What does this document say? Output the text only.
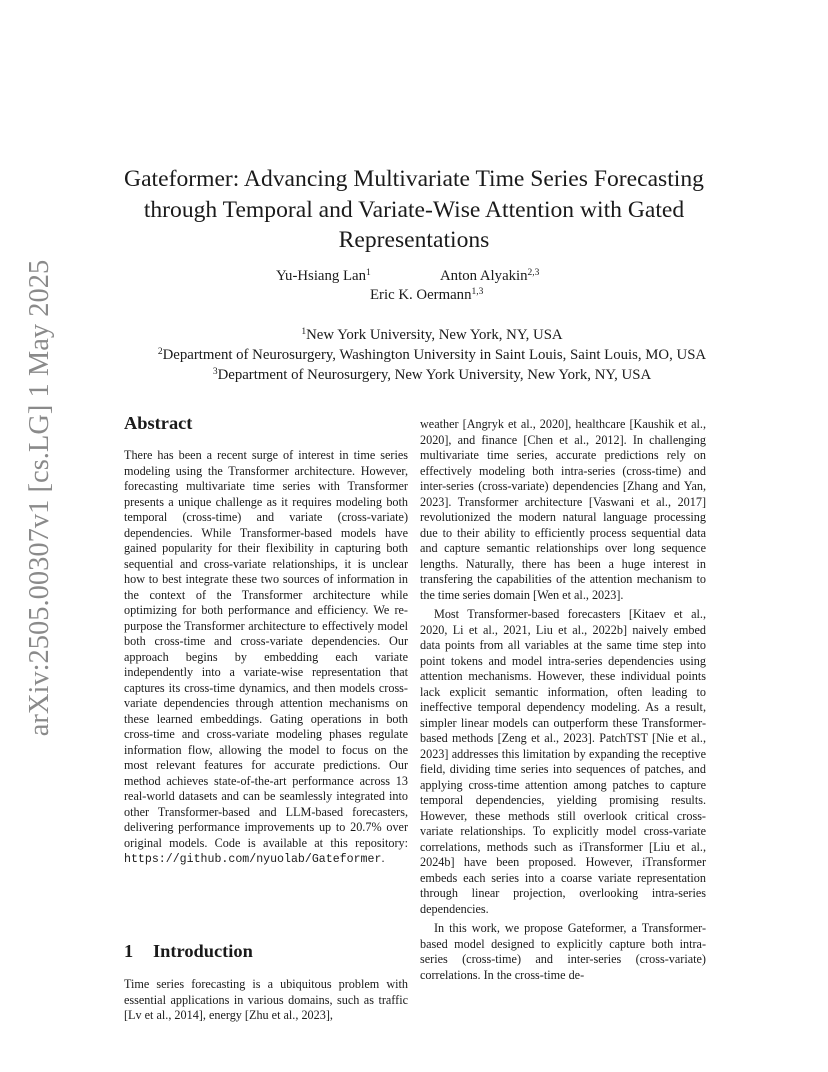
arXiv:2505.00307v1 [cs.LG] 1 May 2025
Gateformer: Advancing Multivariate Time Series Forecasting
through Temporal and Variate-Wise Attention with Gated
Representations
Yu-Hsiang Lan$^1$	Anton Alyakin$^{2,3}$
Eric K. Oermann$^{1,3}$
$^1$New York University, New York, NY, USA
$^2$Department of Neurosurgery, Washington University in Saint Louis, Saint Louis, MO, USA
$^3$Department of Neurosurgery, New York University, New York, NY, USA
Abstract

There has been a recent surge of interest in time series modeling using the Transformer architecture. However, forecasting multivariate time series with Transformer presents a unique challenge as it requires modeling both temporal (cross-time) and variate (cross-variate) dependencies. While Transformer-based models have gained popularity for their flexibility in capturing both sequential and cross-variate relationships, it is unclear how to best integrate these two sources of information in the context of the Transformer architecture while optimizing for both performance and efficiency. We re-purpose the Transformer architecture to effectively model both cross-time and cross-variate dependencies. Our approach begins by embedding each variate independently into a variate-wise representation that captures its cross-time dynamics, and then models cross-variate dependencies through attention mechanisms on these learned embeddings. Gating operations in both cross-time and cross-variate modeling phases regulate information flow, allowing the model to focus on the most relevant features for accurate predictions. Our method achieves state-of-the-art performance across 13 real-world datasets and can be seamlessly integrated into other Transformer-based and LLM-based forecasters, delivering performance improvements up to 20.7% over original models. Code is available at this repository: https://github.com/nyuolab/Gateformer.

1 Introduction

Time series forecasting is a ubiquitous problem with essential applications in various domains, such as traffic [Lv et al., 2014], energy [Zhu et al., 2023],

weather [Angryk et al., 2020], healthcare [Kaushik et al., 2020], and finance [Chen et al., 2012]. In challenging multivariate time series, accurate predictions rely on effectively modeling both intra-series (cross-time) and inter-series (cross-variate) dependencies [Zhang and Yan, 2023]. Transformer architecture [Vaswani et al., 2017] revolutionized the modern natural language processing due to their ability to efficiently process sequential data and capture semantic relationships over long sequence lengths. Naturally, there has been a huge interest in transfering the capabilities of the attention mechanism to the time series domain [Wen et al., 2023].

Most Transformer-based forecasters [Kitaev et al., 2020, Li et al., 2021, Liu et al., 2022b] naively embed data points from all variables at the same time step into point tokens and model intra-series dependencies using attention mechanisms. However, these individual points lack explicit semantic information, often leading to ineffective temporal dependency modeling. As a result, simpler linear models can outperform these Transformer-based methods [Zeng et al., 2023]. PatchTST [Nie et al., 2023] addresses this limitation by expanding the receptive field, dividing time series into sequences of patches, and applying cross-time attention among patches to capture temporal dependencies, yielding promising results. However, these methods still overlook critical cross-variate relationships. To explicitly model cross-variate correlations, methods such as iTransformer [Liu et al., 2024b] have been proposed. However, iTransformer embeds each series into a coarse variate representation through linear projection, overlooking intra-series dependencies.

In this work, we propose Gateformer, a Transformer-based model designed to explicitly capture both intra-series (cross-time) and inter-series (cross-variate) correlations. In the cross-time de-
